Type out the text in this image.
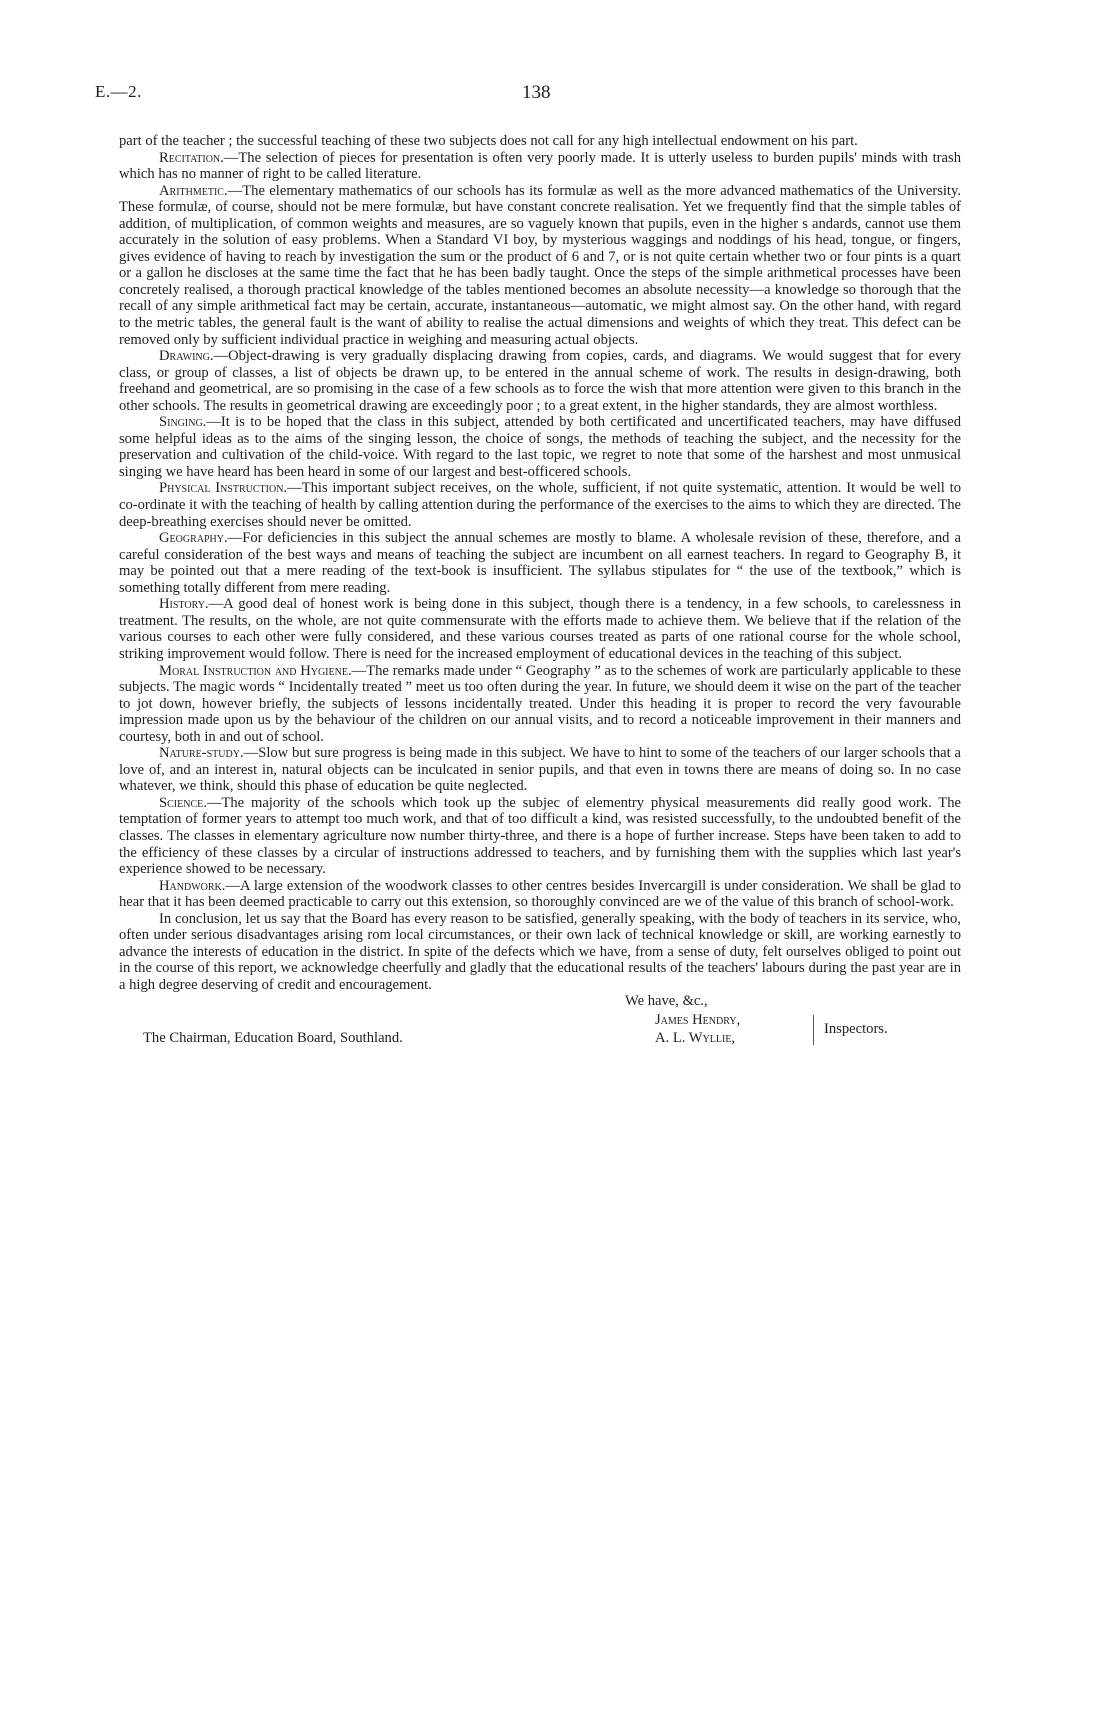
E.—2.	138

part of the teacher ; the successful teaching of these two subjects does not call for any high intellectual endowment on his part.

Recitation.—The selection of pieces for presentation is often very poorly made. It is utterly useless to burden pupils' minds with trash which has no manner of right to be called literature.

Arithmetic.—The elementary mathematics of our schools has its formulæ as well as the more advanced mathematics of the University. These formulæ, of course, should not be mere formulæ, but have constant concrete realisation. Yet we frequently find that the simple tables of addition, of multiplication, of common weights and measures, are so vaguely known that pupils, even in the higher s andards, cannot use them accurately in the solution of easy problems. When a Standard VI boy, by mysterious waggings and noddings of his head, tongue, or fingers, gives evidence of having to reach by investigation the sum or the product of 6 and 7, or is not quite certain whether two or four pints is a quart or a gallon he discloses at the same time the fact that he has been badly taught. Once the steps of the simple arithmetical processes have been concretely realised, a thorough practical knowledge of the tables mentioned becomes an absolute necessity—a knowledge so thorough that the recall of any simple arithmetical fact may be certain, accurate, instantaneous—automatic, we might almost say. On the other hand, with regard to the metric tables, the general fault is the want of ability to realise the actual dimensions and weights of which they treat. This defect can be removed only by sufficient individual practice in weighing and measuring actual objects.

Drawing.—Object-drawing is very gradually displacing drawing from copies, cards, and diagrams. We would suggest that for every class, or group of classes, a list of objects be drawn up, to be entered in the annual scheme of work. The results in design-drawing, both freehand and geometrical, are so promising in the case of a few schools as to force the wish that more attention were given to this branch in the other schools. The results in geometrical drawing are exceedingly poor ; to a great extent, in the higher standards, they are almost worthless.

Singing.—It is to be hoped that the class in this subject, attended by both certificated and uncertificated teachers, may have diffused some helpful ideas as to the aims of the singing lesson, the choice of songs, the methods of teaching the subject, and the necessity for the preservation and cultivation of the child-voice. With regard to the last topic, we regret to note that some of the harshest and most unmusical singing we have heard has been heard in some of our largest and best-officered schools.

Physical Instruction.—This important subject receives, on the whole, sufficient, if not quite systematic, attention. It would be well to co-ordinate it with the teaching of health by calling attention during the performance of the exercises to the aims to which they are directed. The deep-breathing exercises should never be omitted.

Geography.—For deficiencies in this subject the annual schemes are mostly to blame. A wholesale revision of these, therefore, and a careful consideration of the best ways and means of teaching the subject are incumbent on all earnest teachers. In regard to Geography B, it may be pointed out that a mere reading of the text-book is insufficient. The syllabus stipulates for “ the use of the textbook,” which is something totally different from mere reading.

History.—A good deal of honest work is being done in this subject, though there is a tendency, in a few schools, to carelessness in treatment. The results, on the whole, are not quite commensurate with the efforts made to achieve them. We believe that if the relation of the various courses to each other were fully considered, and these various courses treated as parts of one rational course for the whole school, striking improvement would follow. There is need for the increased employment of educational devices in the teaching of this subject.

Moral Instruction and Hygiene.—The remarks made under “ Geography ” as to the schemes of work are particularly applicable to these subjects. The magic words “ Incidentally treated ” meet us too often during the year. In future, we should deem it wise on the part of the teacher to jot down, however briefly, the subjects of lessons incidentally treated. Under this heading it is proper to record the very favourable impression made upon us by the behaviour of the children on our annual visits, and to record a noticeable improvement in their manners and courtesy, both in and out of school.

Nature-study.—Slow but sure progress is being made in this subject. We have to hint to some of the teachers of our larger schools that a love of, and an interest in, natural objects can be inculcated in senior pupils, and that even in towns there are means of doing so. In no case whatever, we think, should this phase of education be quite neglected.

Science.—The majority of the schools which took up the subjec of elementry physical measurements did really good work. The temptation of former years to attempt too much work, and that of too difficult a kind, was resisted successfully, to the undoubted benefit of the classes. The classes in elementary agriculture now number thirty-three, and there is a hope of further increase. Steps have been taken to add to the efficiency of these classes by a circular of instructions addressed to teachers, and by furnishing them with the supplies which last year's experience showed to be necessary.

Handwork.—A large extension of the woodwork classes to other centres besides Invercargill is under consideration. We shall be glad to hear that it has been deemed practicable to carry out this extension, so thoroughly convinced are we of the value of this branch of school-work.

In conclusion, let us say that the Board has every reason to be satisfied, generally speaking, with the body of teachers in its service, who, often under serious disadvantages arising rom local circumstances, or their own lack of technical knowledge or skill, are working earnestly to advance the interests of education in the district. In spite of the defects which we have, from a sense of duty, felt ourselves obliged to point out in the course of this report, we acknowledge cheerfully and gladly that the educational results of the teachers' labours during the past year are in a high degree deserving of credit and encouragement.

We have, &c.,
James Hendry,
A. L. Wyllie,
Inspectors.
The Chairman, Education Board, Southland.
